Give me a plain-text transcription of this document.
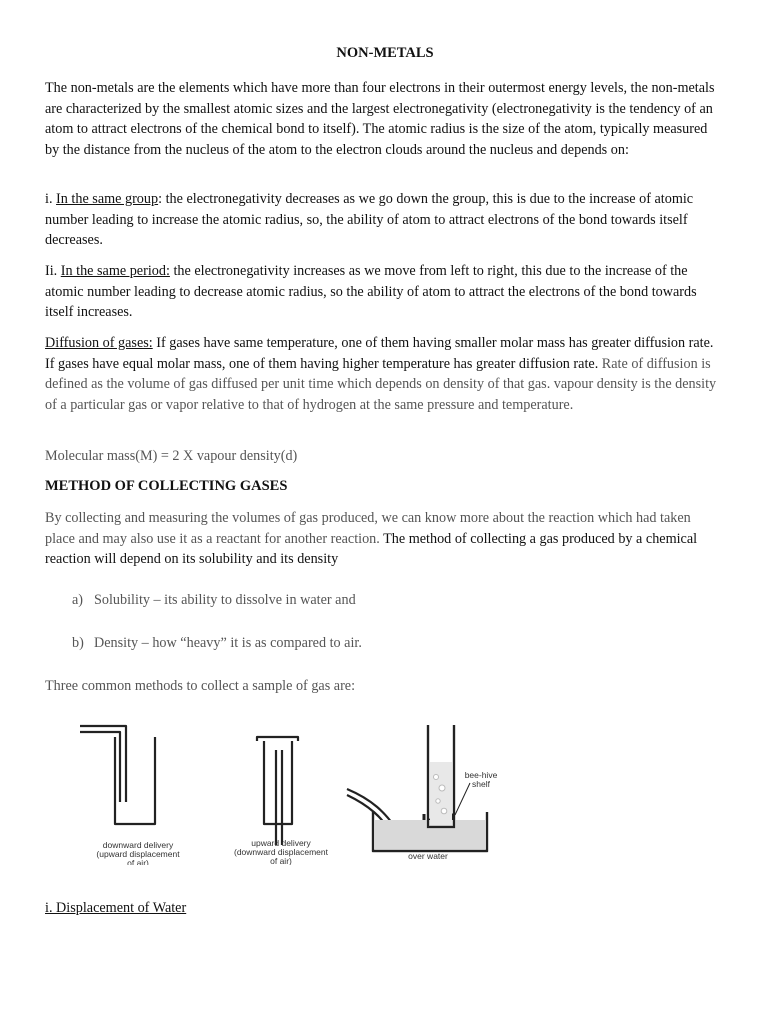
NON-METALS

The non-metals are the elements which have more than four electrons in their outermost energy levels, the non-metals are characterized by the smallest atomic sizes and the largest electronegativity (electronegativity is the tendency of an atom to attract electrons of the chemical bond to itself). The atomic radius is the size of the atom, typically measured by the distance from the nucleus of the atom to the electron clouds around the nucleus and depends on:

i. In the same group: the electronegativity decreases as we go down the group, this is due to the increase of atomic number leading to increase the atomic radius, so, the ability of atom to attract electrons of the bond towards itself decreases.

Ii. In the same period: the electronegativity increases as we move from left to right, this due to the increase of the atomic number leading to decrease atomic radius, so the ability of atom to attract the electrons of the bond towards itself increases.

Diffusion of gases: If gases have same temperature, one of them having smaller molar mass has greater diffusion rate. If gases have equal molar mass, one of them having higher temperature has greater diffusion rate. Rate of diffusion is defined as the volume of gas diffused per unit time which depends on density of that gas. vapour density is the density of a particular gas or vapor relative to that of hydrogen at the same pressure and temperature.

Molecular mass(M) = 2 X vapour density(d)

METHOD OF COLLECTING GASES

By collecting and measuring the volumes of gas produced, we can know more about the reaction which had taken place and may also use it as a reactant for another reaction. The method of collecting a gas produced by a chemical reaction will depend on its solubility and its density

a) Solubility – its ability to dissolve in water and

b) Density – how “heavy” it is as compared to air.

Three common methods to collect a sample of gas are:

i. Displacement of Water
downward delivery
(upward displacement
of air)
upward delivery
(downward displacement
of air)	over water
bee-hive
shelf
